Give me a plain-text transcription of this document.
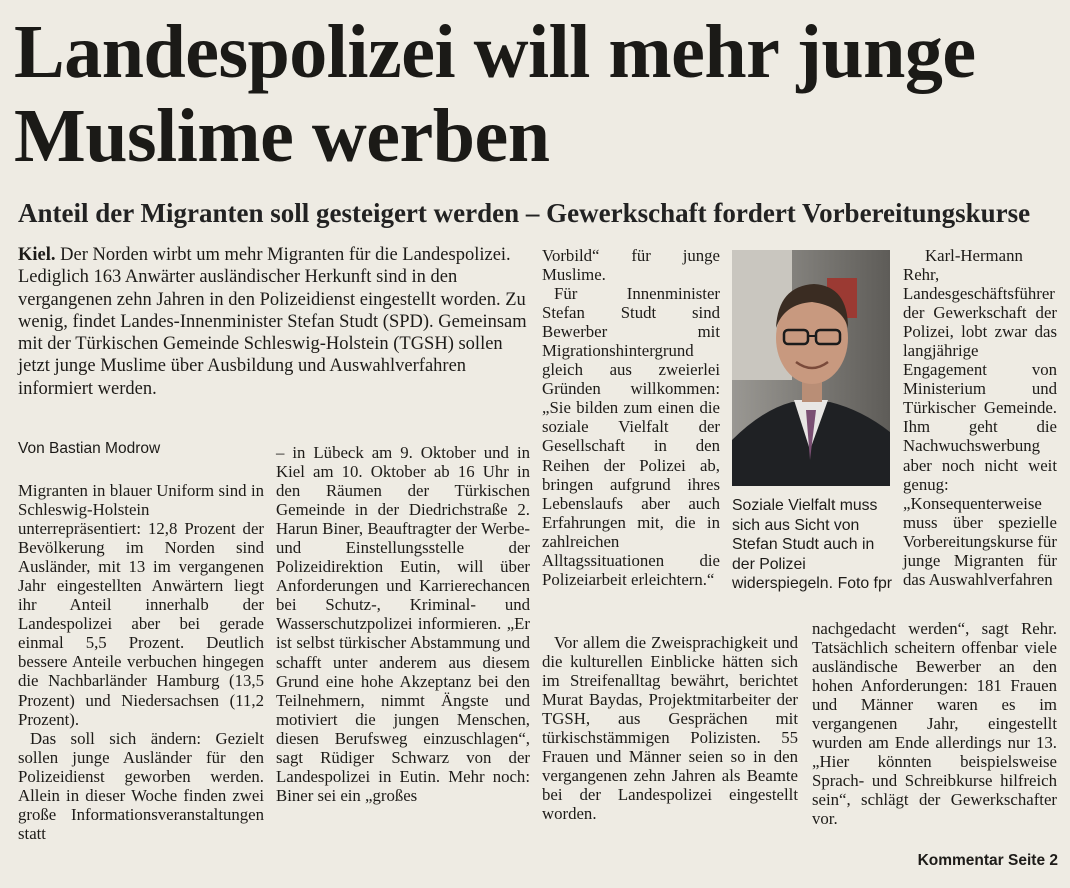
Landespolizei will mehr junge Muslime werben
Anteil der Migranten soll gesteigert werden – Gewerkschaft fordert Vorbereitungskurse

Kiel. Der Norden wirbt um mehr Migranten für die Landespolizei. Lediglich 163 Anwärter ausländischer Herkunft sind in den vergangenen zehn Jahren in den Polizeidienst eingestellt worden. Zu wenig, findet Landes-Innenminister Stefan Studt (SPD). Gemeinsam mit der Türkischen Gemeinde Schleswig-Holstein (TGSH) sollen jetzt junge Muslime über Ausbildung und Auswahlverfahren informiert werden.

Von Bastian Modrow

Migranten in blauer Uniform sind in Schleswig-Holstein unterrepräsentiert: 12,8 Prozent der Bevölkerung im Norden sind Ausländer, mit 13 im vergangenen Jahr eingestellten Anwärtern liegt ihr Anteil innerhalb der Landespolizei aber bei gerade einmal 5,5 Prozent. Deutlich bessere Anteile verbuchen hingegen die Nachbarländer Hamburg (13,5 Prozent) und Niedersachsen (11,2 Prozent).

Das soll sich ändern: Gezielt sollen junge Ausländer für den Polizeidienst geworben werden. Allein in dieser Woche finden zwei große Informationsveranstaltungen statt

– in Lübeck am 9. Oktober und in Kiel am 10. Oktober ab 16 Uhr in den Räumen der Türkischen Gemeinde in der Diedrichstraße 2. Harun Biner, Beauftragter der Werbe- und Einstellungsstelle der Polizeidirektion Eutin, will über Anforderungen und Karrierechancen bei Schutz-, Kriminal- und Wasserschutzpolizei informieren. „Er ist selbst türkischer Abstammung und schafft unter anderem aus diesem Grund eine hohe Akzeptanz bei den Teilnehmern, nimmt Ängste und motiviert die jungen Menschen, diesen Berufsweg einzuschlagen“, sagt Rüdiger Schwarz von der Landespolizei in Eutin. Mehr noch: Biner sei ein „großes

Vorbild“ für junge Muslime.

Für Innenminister Stefan Studt sind Bewerber mit Migrationshintergrund gleich aus zweierlei Gründen willkommen: „Sie bilden zum einen die soziale Vielfalt der Gesellschaft in den Reihen der Polizei ab, bringen aufgrund ihres Lebenslaufs aber auch Erfahrungen mit, die in zahlreichen Alltagssituationen die Polizeiarbeit erleichtern.“

Vor allem die Zweisprachigkeit und die kulturellen Einblicke hätten sich im Streifenalltag bewährt, berichtet Murat Baydas, Projektmitarbeiter der TGSH, aus Gesprächen mit türkischstämmigen Polizisten. 55 Frauen und Männer seien so in den vergangenen zehn Jahren als Beamte bei der Landespolizei eingestellt worden.

Soziale Vielfalt muss sich aus Sicht von Stefan Studt auch in der Polizei widerspiegeln. Foto fpr

Karl-Hermann Rehr, Landesgeschäftsführer der Gewerkschaft der Polizei, lobt zwar das langjährige Engagement von Ministerium und Türkischer Gemeinde. Ihm geht die Nachwuchswerbung aber noch nicht weit genug: „Konsequenterweise muss über spezielle Vorbereitungskurse für junge Migranten für das Auswahlverfahren

nachgedacht werden“, sagt Rehr. Tatsächlich scheitern offenbar viele ausländische Bewerber an den hohen Anforderungen: 181 Frauen und Männer waren es im vergangenen Jahr, eingestellt wurden am Ende allerdings nur 13. „Hier könnten beispielsweise Sprach- und Schreibkurse hilfreich sein“, schlägt der Gewerkschafter vor.

Kommentar Seite 2
